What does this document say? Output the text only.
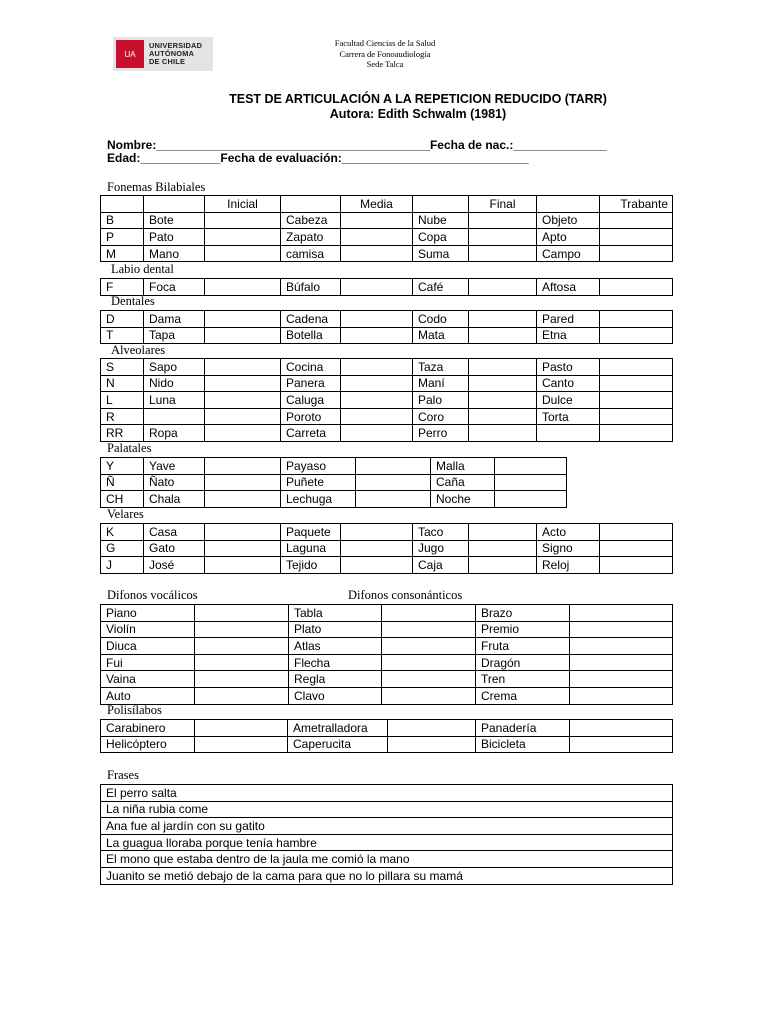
UA
UNIVERSIDAD
AUTÓNOMA
DE CHILE
Facultad Ciencias de la Salud
Carrera de Fonoaudiología
Sede Talca
TEST DE ARTICULACIÓN A LA REPETICION REDUCIDO (TARR)
Autora: Edith Schwalm (1981)
Nombre:_________________________________________Fecha de nac.:______________
Edad:____________Fecha de evaluación:____________________________
Fonemas Bilabiales
Labio dental
Dentales
Alveolares
Palatales
Velares
Difonos vocálicos	Difonos consonánticos
Polisílabos
Frases
		Inicial		Media		Final		Trabante
B	Bote		Cabeza		Nube		Objeto	
P	Pato		Zapato		Copa		Apto	
M	Mano		camisa		Suma		Campo	
F	Foca		Búfalo		Café		Aftosa	
D	Dama		Cadena		Codo		Pared	
T	Tapa		Botella		Mata		Etna	
S	Sapo		Cocina		Taza		Pasto	
N	Nido		Panera		Maní		Canto	
L	Luna		Caluga		Palo		Dulce	
R			Poroto		Coro		Torta	
RR	Ropa		Carreta		Perro			
Y	Yave		Payaso		Malla	
Ñ	Ñato		Puñete		Caña	
CH	Chala		Lechuga		Noche	
K	Casa		Paquete		Taco		Acto	
G	Gato		Laguna		Jugo		Signo	
J	José		Tejido		Caja		Reloj	
Piano		Tabla		Brazo	
Violín		Plato		Premio	
Diuca		Atlas		Fruta	
Fui		Flecha		Dragón	
Vaina		Regla		Tren	
Auto		Clavo		Crema	
Carabinero		Ametralladora		Panadería	
Helicóptero		Caperucita		Bicicleta	
El perro salta
La niña rubia come
Ana fue al jardín con su gatito
La guagua lloraba porque tenía hambre
El mono que estaba dentro de la jaula me comió la mano
Juanito se metió debajo de la cama para que no lo pillara su mamá
